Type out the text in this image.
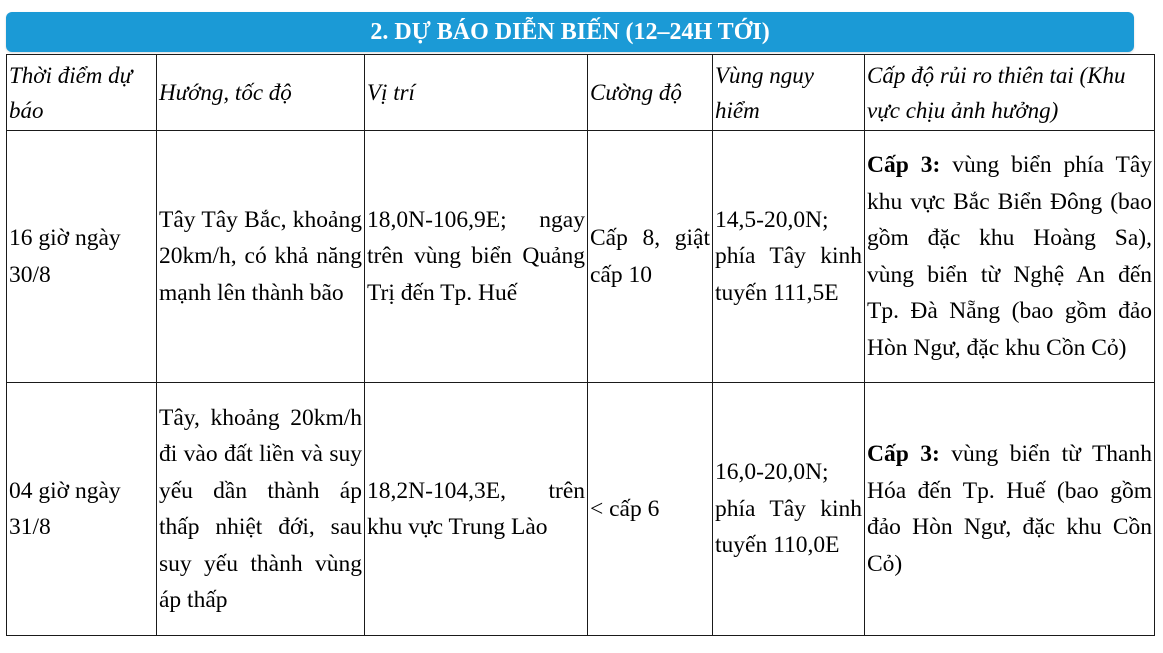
2. DỰ BÁO DIỄN BIẾN (12–24H TỚI)
Thời điểm dự báo	Hướng, tốc độ	Vị trí	Cường độ	Vùng nguy hiểm	Cấp độ rủi ro thiên tai (Khu vực chịu ảnh hưởng)
16 giờ ngày 30/8	Tây Tây Bắc, khoảng 20km/h, có khả năng mạnh lên thành bão	18,0N-106,9E; ngay trên vùng biển Quảng Trị đến Tp. Huế	Cấp 8, giật cấp 10	14,5-20,0N; phía Tây kinh tuyến 111,5E	Cấp 3: vùng biển phía Tây khu vực Bắc Biển Đông (bao gồm đặc khu Hoàng Sa), vùng biển từ Nghệ An đến Tp. Đà Nẵng (bao gồm đảo Hòn Ngư, đặc khu Cồn Cỏ)
04 giờ ngày 31/8	Tây, khoảng 20km/h đi vào đất liền và suy yếu dần thành áp thấp nhiệt đới, sau suy yếu thành vùng áp thấp	18,2N-104,3E, trên khu vực Trung Lào	< cấp 6	16,0-20,0N; phía Tây kinh tuyến 110,0E	Cấp 3: vùng biển từ Thanh Hóa đến Tp. Huế (bao gồm đảo Hòn Ngư, đặc khu Cồn Cỏ)
